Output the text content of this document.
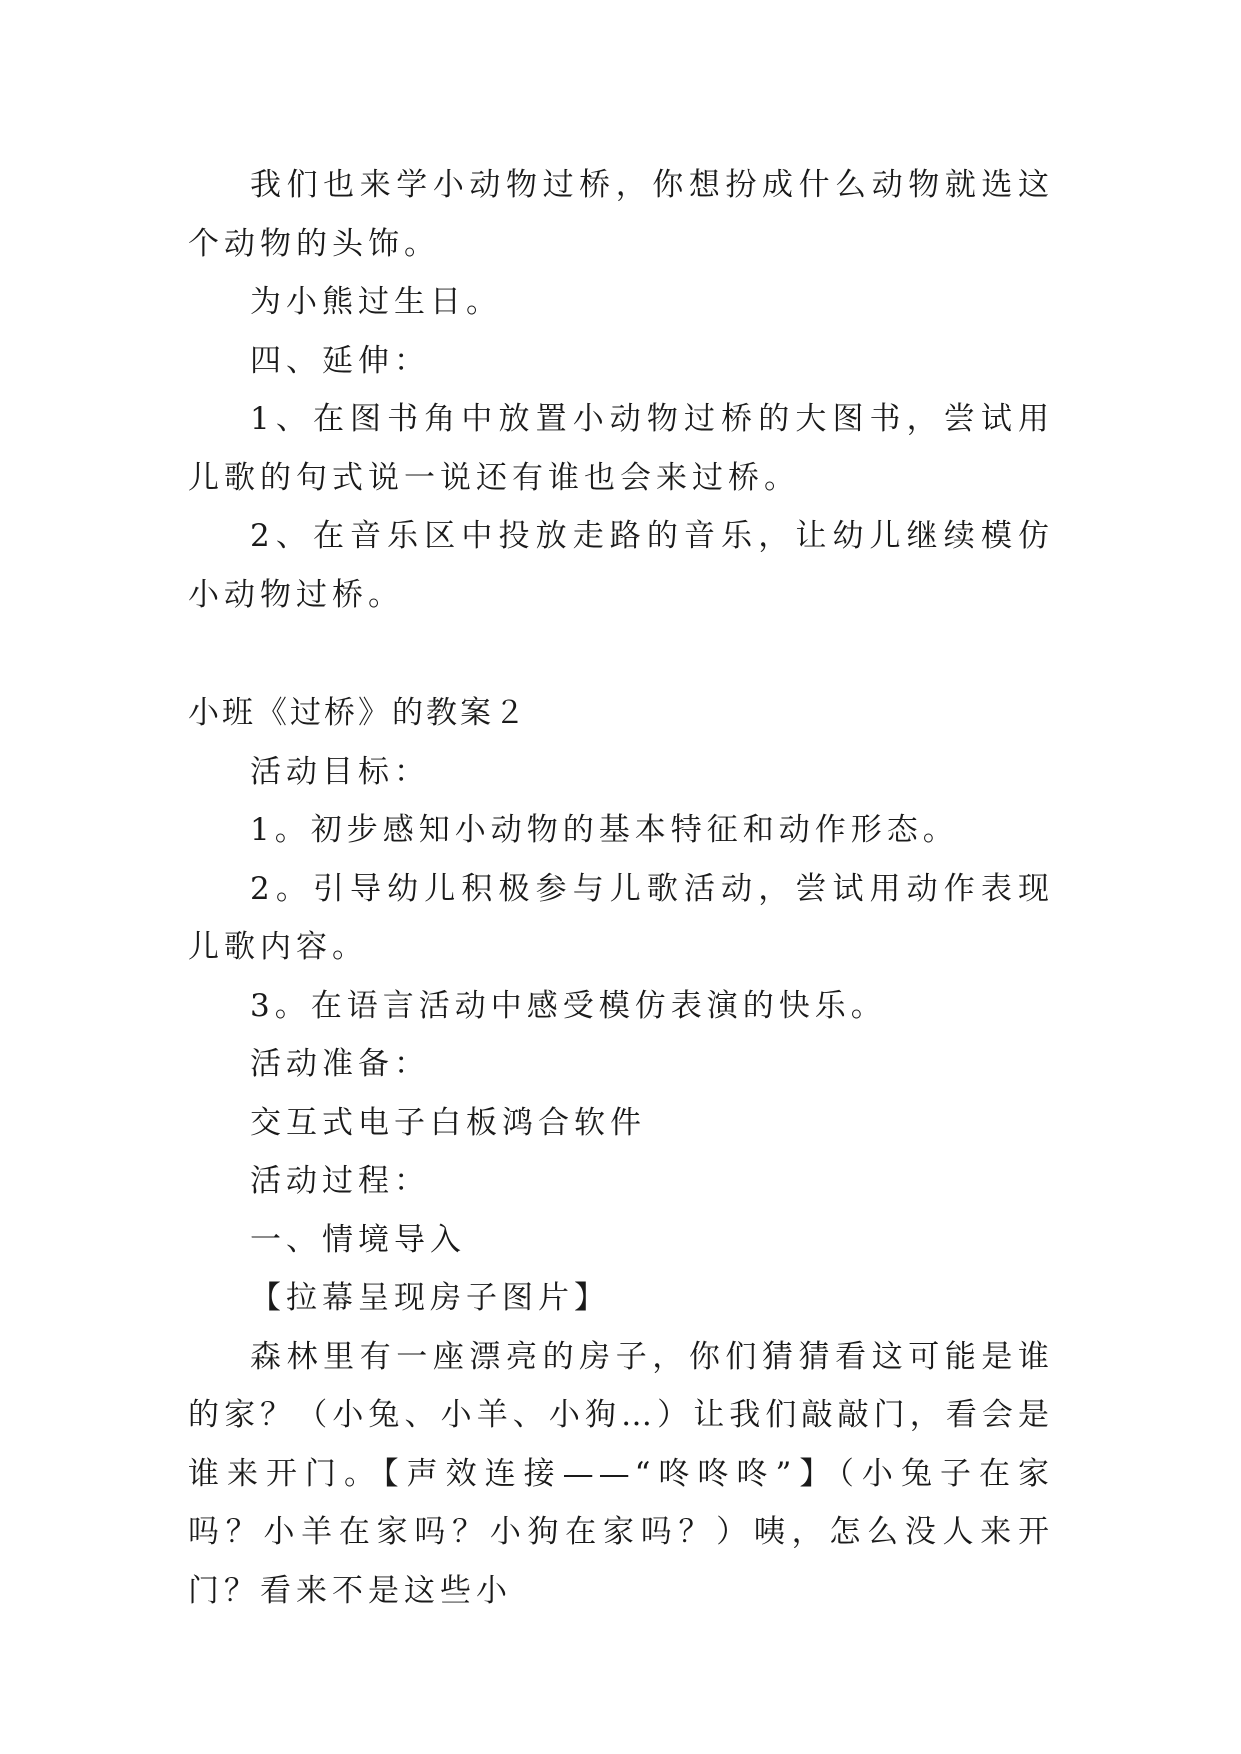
我们也来学小动物过桥，你想扮成什么动物就选这个动物的头饰。

为小熊过生日。

四、延伸：

1、在图书角中放置小动物过桥的大图书，尝试用儿歌的句式说一说还有谁也会来过桥。

2、在音乐区中投放走路的音乐，让幼儿继续模仿小动物过桥。

小班《过桥》的教案２

活动目标：

1。初步感知小动物的基本特征和动作形态。

2。引导幼儿积极参与儿歌活动，尝试用动作表现儿歌内容。

3。在语言活动中感受模仿表演的快乐。

活动准备：

交互式电子白板鸿合软件

活动过程：

一、情境导入

【拉幕呈现房子图片】

森林里有一座漂亮的房子，你们猜猜看这可能是谁的家？（小兔、小羊、小狗…）让我们敲敲门，看会是谁来开门。【声效连接——“咚咚咚”】（小兔子在家吗？小羊在家吗？小狗在家吗？）咦，怎么没人来开门？看来不是这些小
